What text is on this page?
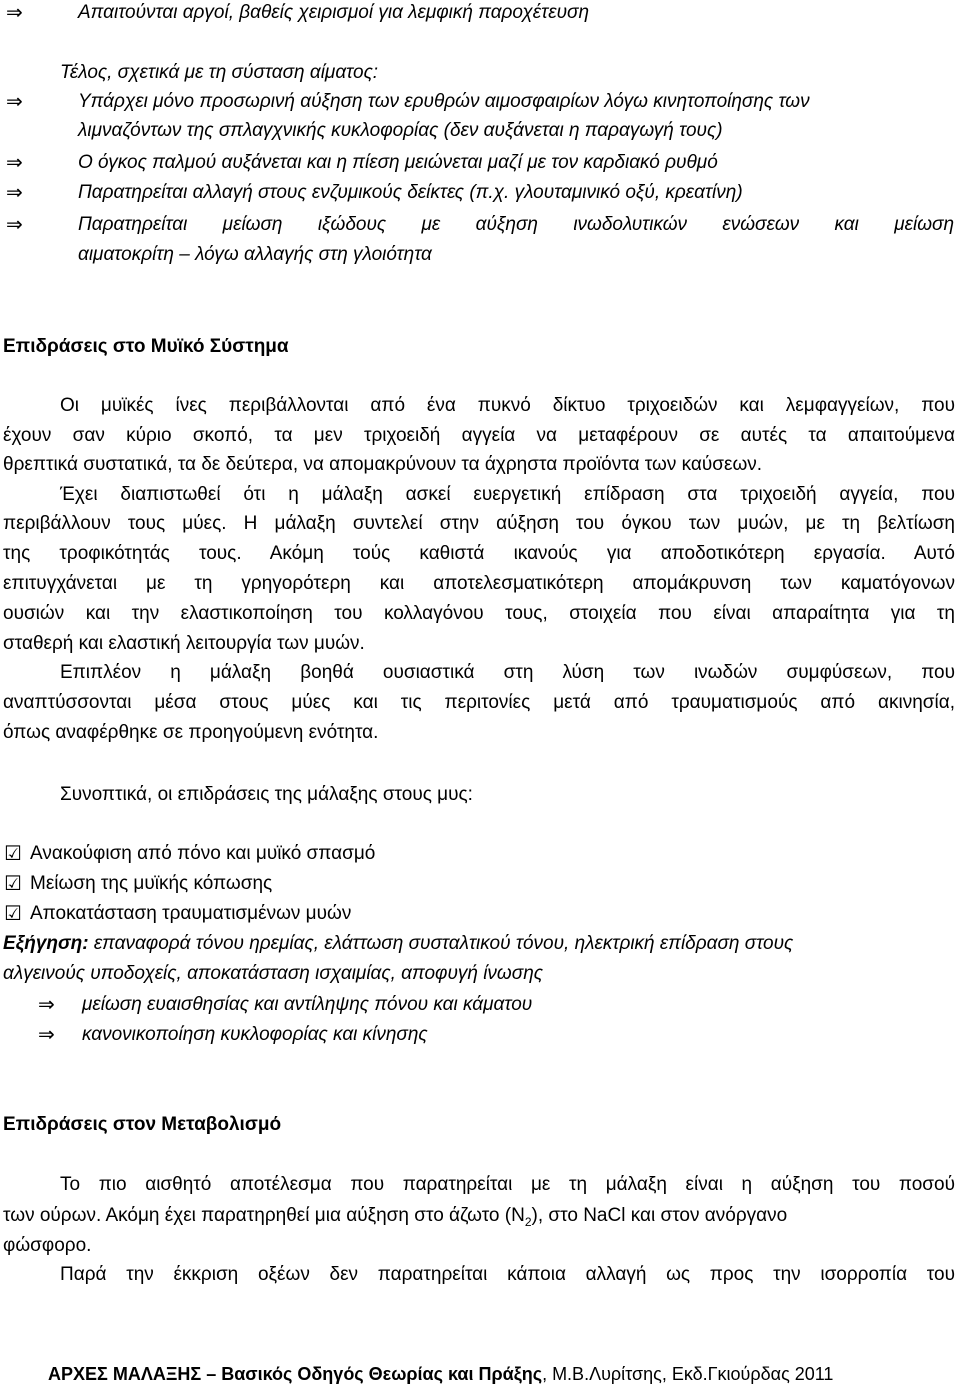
⇒	Απαιτούνται αργοί, βαθείς χειρισμοί για λεμφική παροχέτευση
Τέλος, σχετικά με τη σύσταση αίματος:
⇒	Υπάρχει μόνο προσωρινή αύξηση των ερυθρών αιμοσφαιρίων λόγω κινητοποίησης των
λιμναζόντων της σπλαγχνικής κυκλοφορίας (δεν αυξάνεται η παραγωγή τους)
⇒	Ο όγκος παλμού αυξάνεται και η πίεση μειώνεται μαζί με τον καρδιακό ρυθμό
⇒	Παρατηρείται αλλαγή στους ενζυμικούς δείκτες (π.χ. γλουταμινικό οξύ, κρεατίνη)
⇒	Παρατηρείται μείωση ιξώδους με αύξηση ινωδολυτικών ενώσεων και μείωση
αιματοκρίτη – λόγω αλλαγής στη γλοιότητα
Επιδράσεις στο Μυϊκό Σύστημα
Οι μυϊκές ίνες περιβάλλονται από ένα πυκνό δίκτυο τριχοειδών και λεμφαγγείων, που
έχουν σαν κύριο σκοπό, τα μεν τριχοειδή αγγεία να μεταφέρουν σε αυτές τα απαιτούμενα
θρεπτικά συστατικά, τα δε δεύτερα, να απομακρύνουν τα άχρηστα προϊόντα των καύσεων.
Έχει διαπιστωθεί ότι η μάλαξη ασκεί ευεργετική επίδραση στα τριχοειδή αγγεία, που
περιβάλλουν τους μύες. Η μάλαξη συντελεί στην αύξηση του όγκου των μυών, με τη βελτίωση
της τροφικότητάς τους. Ακόμη τούς καθιστά ικανούς για αποδοτικότερη εργασία. Αυτό
επιτυγχάνεται με τη γρηγορότερη και αποτελεσματικότερη απομάκρυνση των καματόγονων
ουσιών και την ελαστικοποίηση του κολλαγόνου τους, στοιχεία που είναι απαραίτητα για τη
σταθερή και ελαστική λειτουργία των μυών.
Επιπλέον η μάλαξη βοηθά ουσιαστικά στη λύση των ινωδών συμφύσεων, που
αναπτύσσονται μέσα στους μύες και τις περιτονίες μετά από τραυματισμούς από ακινησία,
όπως αναφέρθηκε σε προηγούμενη ενότητα.
Συνοπτικά, οι επιδράσεις της μάλαξης στους μυς:
☑ Ανακούφιση από πόνο και μυϊκό σπασμό
☑ Μείωση της μυϊκής κόπωσης
☑ Αποκατάσταση τραυματισμένων μυών
Εξήγηση: επαναφορά τόνου ηρεμίας, ελάττωση συσταλτικού τόνου, ηλεκτρική επίδραση στους
αλγεινούς υποδοχείς, αποκατάσταση ισχαιμίας, αποφυγή ίνωσης
⇒ μείωση ευαισθησίας και αντίληψης πόνου και κάματου
⇒ κανονικοποίηση κυκλοφορίας και κίνησης
Επιδράσεις στον Μεταβολισμό
Το πιο αισθητό αποτέλεσμα που παρατηρείται με τη μάλαξη είναι η αύξηση του ποσού
των ούρων. Ακόμη έχει παρατηρηθεί μια αύξηση στο άζωτο $(N_2)$, στο NaCl και στον ανόργανο
φώσφορο.
Παρά την έκκριση οξέων δεν παρατηρείται κάποια αλλαγή ως προς την ισορροπία του
ΑΡΧΕΣ ΜΑΛΑΞΗΣ – Βασικός Οδηγός Θεωρίας και Πράξης, Μ.Β.Λυρίτσης, Εκδ.Γκιούρδας 2011
